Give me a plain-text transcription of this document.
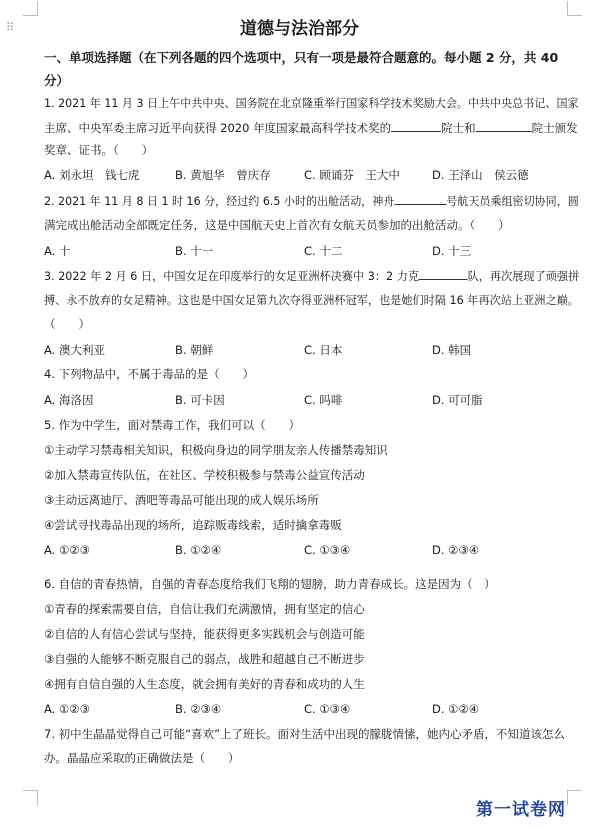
⠿	道德与法治部分
一、单项选择题（在下列各题的四个选项中，只有一项是最符合题意的。每小题 2 分，共 40
分）
1. 2021 年 11 月 3 日上午中共中央、国务院在北京隆重举行国家科学技术奖励大会。中共中央总书记、国家
主席、中央军委主席习近平向获得 2020 年度国家最高科学技术奖的	院士和	院士颁发
奖章、证书。（　　）
A. 刘永坦　钱七虎	B. 黄旭华　曾庆存	C. 顾诵芬　王大中	D. 王泽山　侯云德
2. 2021 年 11 月 8 日 1 时 16 分，经过约 6.5 小时的出舱活动，神舟	号航天员乘组密切协同，圆
满完成出舱活动全部既定任务，这是中国航天史上首次有女航天员参加的出舱活动。（　　）
A. 十	B. 十一	C. 十二	D. 十三
3. 2022 年 2 月 6 日，中国女足在印度举行的女足亚洲杯决赛中 3：2 力克	队，再次展现了顽强拼
搏、永不放弃的女足精神。这也是中国女足第九次夺得亚洲杯冠军，也是她们时隔 16 年再次站上亚洲之巅。
（　　）
A. 澳大利亚	B. 朝鲜	C. 日本	D. 韩国
4. 下列物品中，不属于毒品的是（　　）
A. 海洛因	B. 可卡因	C. 吗啡	D. 可可脂
5. 作为中学生，面对禁毒工作，我们可以（　　）
①主动学习禁毒相关知识，积极向身边的同学朋友亲人传播禁毒知识
②加入禁毒宣传队伍，在社区、学校积极参与禁毒公益宣传活动
③主动远离迪厅、酒吧等毒品可能出现的成人娱乐场所
④尝试寻找毒品出现的场所，追踪贩毒线索，适时擒拿毒贩
A. ①②③	B. ①②④	C. ①③④	D. ②③④
6. 自信的青春热情，自强的青春态度给我们飞翔的翅膀，助力青春成长。这是因为（　）
①青春的探索需要自信，自信让我们充满激情，拥有坚定的信心
②自信的人有信心尝试与坚持，能获得更多实践机会与创造可能
③自强的人能够不断克服自己的弱点，战胜和超越自己不断进步
④拥有自信自强的人生态度，就会拥有美好的青春和成功的人生
A. ①②③	B. ②③④	C. ①③④	D. ①②④
7. 初中生晶晶觉得自己可能“喜欢”上了班长。面对生活中出现的朦胧情愫，她内心矛盾，不知道该怎么
办。晶晶应采取的正确做法是（　　）
第一试卷网
